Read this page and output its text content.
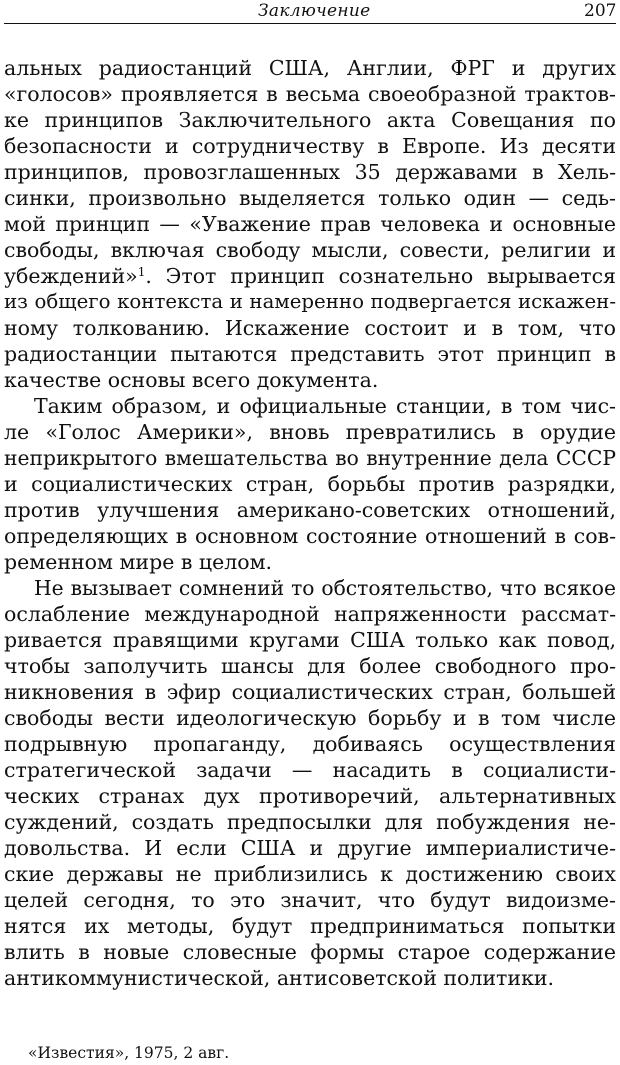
Заключение	207
альных радиостанций США, Англии, ФРГ и других
«голосов» проявляется в весьма своеобразной трактов-
ке принципов Заключительного акта Совещания по
безопасности и сотрудничеству в Европе. Из десяти
принципов, провозглашенных 35 державами в Хель-
синки, произвольно выделяется только один — седь-
мой принцип — «Уважение прав человека и основные
свободы, включая свободу мысли, совести, религии и
убеждений»$^1$. Этот принцип сознательно вырывается
из общего контекста и намеренно подвергается искажен-
ному толкованию. Искажение состоит и в том, что
радиостанции пытаются представить этот принцип в
качестве основы всего документа.
Таким образом, и официальные станции, в том чис-
ле «Голос Америки», вновь превратились в орудие
неприкрытого вмешательства во внутренние дела СССР
и социалистических стран, борьбы против разрядки,
против улучшения американо-советских отношений,
определяющих в основном состояние отношений в сов-
ременном мире в целом.
Не вызывает сомнений то обстоятельство, что всякое
ослабление международной напряженности рассмат-
ривается правящими кругами США только как повод,
чтобы заполучить шансы для более свободного про-
никновения в эфир социалистических стран, большей
свободы вести идеологическую борьбу и в том числе
подрывную пропаганду, добиваясь осуществления
стратегической задачи — насадить в социалисти-
ческих странах дух противоречий, альтернативных
суждений, создать предпосылки для побуждения не-
довольства. И если США и другие империалистиче-
ские державы не приблизились к достижению своих
целей сегодня, то это значит, что будут видоизме-
нятся их методы, будут предприниматься попытки
влить в новые словесные формы старое содержание
антикоммунистической, антисоветской политики.
«Известия», 1975, 2 авг.
